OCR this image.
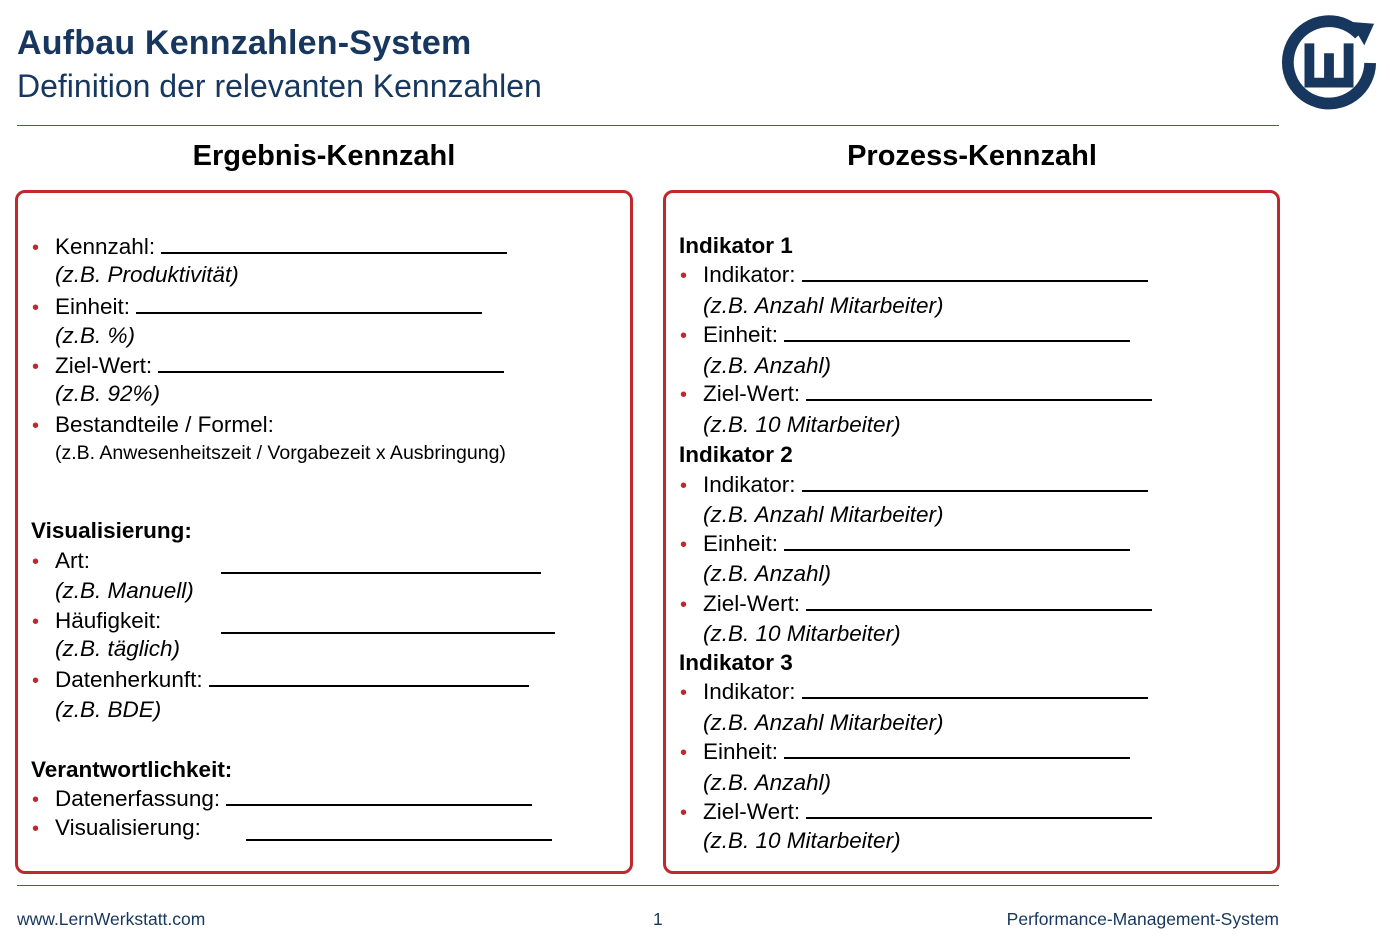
Aufbau Kennzahlen-System
Definition der relevanten Kennzahlen
Ergebnis-Kennzahl	Prozess-Kennzahl
• Kennzahl:
(z.B. Produktivität)
• Einheit:
(z.B. %)
• Ziel-Wert:
(z.B. 92%)
• Bestandteile / Formel:
(z.B. Anwesenheitszeit / Vorgabezeit x Ausbringung)
Visualisierung:
• Art:
(z.B. Manuell)
• Häufigkeit:
(z.B. täglich)
• Datenherkunft:
(z.B. BDE)
Verantwortlichkeit:
• Datenerfassung:
• Visualisierung:
Indikator 1
• Indikator:
(z.B. Anzahl Mitarbeiter)
• Einheit:
(z.B. Anzahl)
• Ziel-Wert:
(z.B. 10 Mitarbeiter)
Indikator 2
• Indikator:
(z.B. Anzahl Mitarbeiter)
• Einheit:
(z.B. Anzahl)
• Ziel-Wert:
(z.B. 10 Mitarbeiter)
Indikator 3
• Indikator:
(z.B. Anzahl Mitarbeiter)
• Einheit:
(z.B. Anzahl)
• Ziel-Wert:
(z.B. 10 Mitarbeiter)
www.LernWerkstatt.com	1	Performance-Management-System
